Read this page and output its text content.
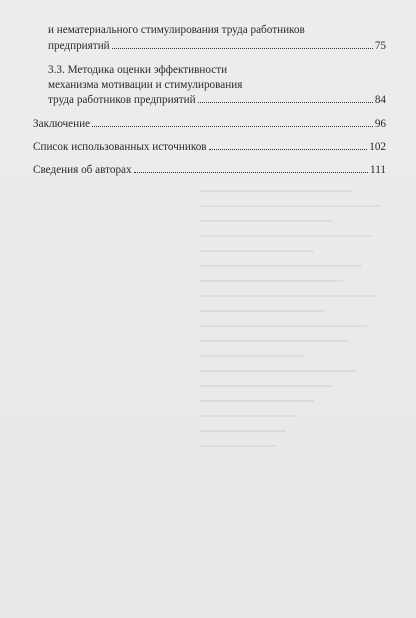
и нематериального стимулирования труда работников
предприятий	75
3.3. Методика оценки эффективности
механизма мотивации и стимулирования
труда работников предприятий	84
Заключение	96
Список использованных источников	102
Сведения об авторах	111
